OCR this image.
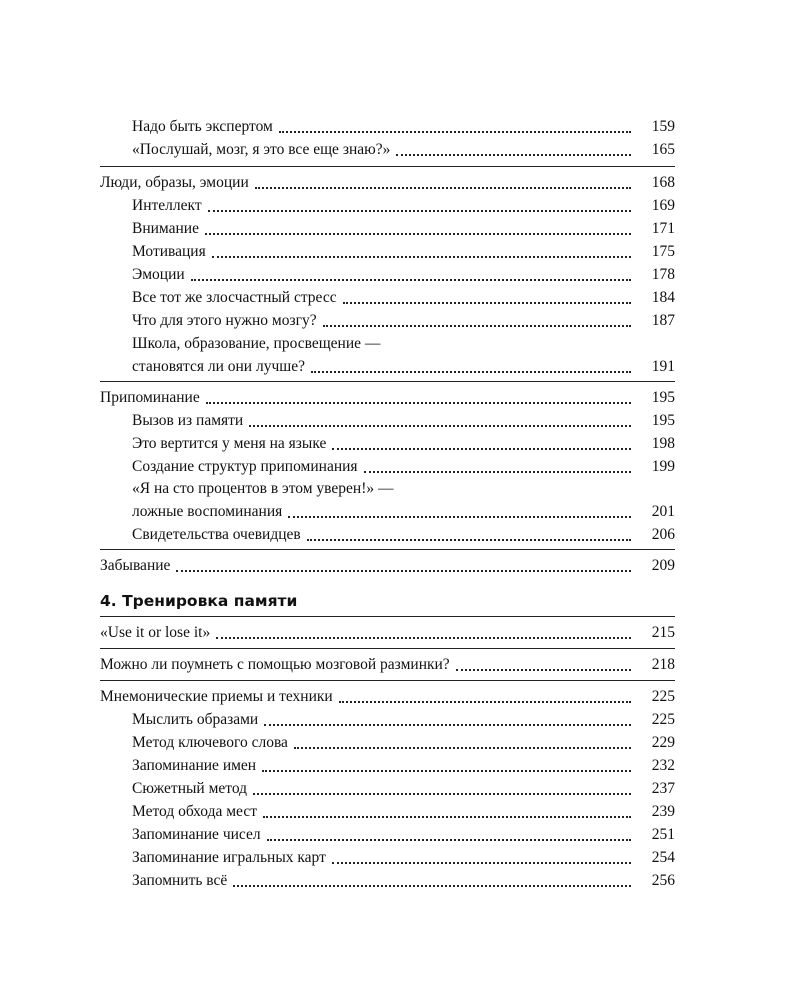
Надо быть экспертом	159
«Послушай, мозг, я это все еще знаю?»	165
Люди, образы, эмоции	168
Интеллект	169
Внимание	171
Мотивация	175
Эмоции	178
Все тот же злосчастный стресс	184
Что для этого нужно мозгу?	187
Школа, образование, просвещение —
становятся ли они лучше?	191
Припоминание	195
Вызов из памяти	195
Это вертится у меня на языке	198
Создание структур припоминания	199
«Я на сто процентов в этом уверен!» —
ложные воспоминания	201
Свидетельства очевидцев	206
Забывание	209
4. Тренировка памяти
«Use it or lose it»	215
Можно ли поумнеть с помощью мозговой разминки?	218
Мнемонические приемы и техники	225
Мыслить образами	225
Метод ключевого слова	229
Запоминание имен	232
Сюжетный метод	237
Метод обхода мест	239
Запоминание чисел	251
Запоминание игральных карт	254
Запомнить всё	256
